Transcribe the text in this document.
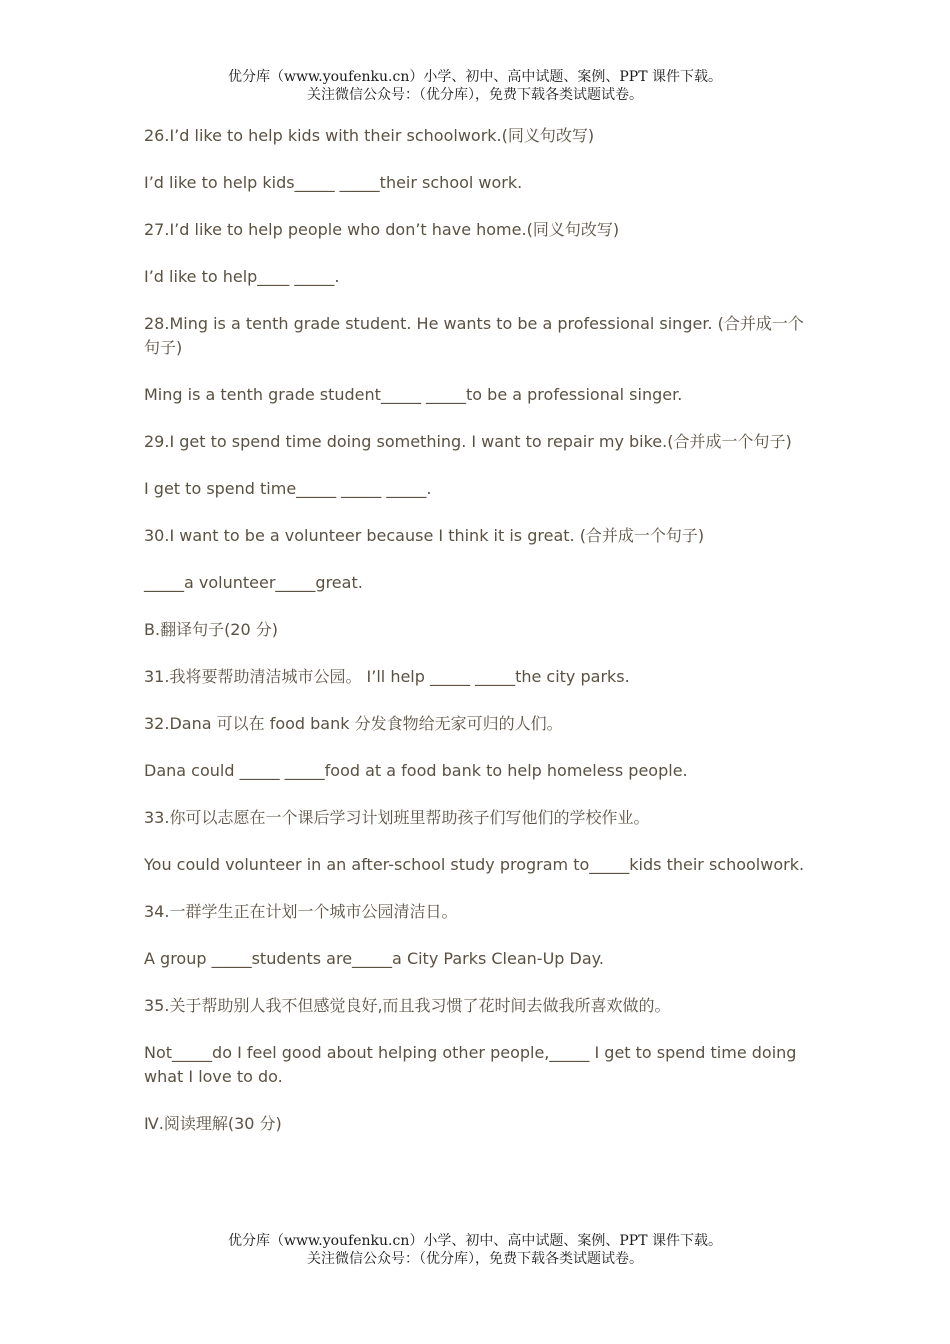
优分库（www.youfenku.cn）小学、初中、高中试题、案例、PPT 课件下载。
关注微信公众号：（优分库），免费下载各类试题试卷。

26.I’d like to help kids with their schoolwork.(同义句改写)

I’d like to help kids_____ _____their school work.

27.I’d like to help people who don’t have home.(同义句改写)

I’d like to help____ _____.

28.Ming is a tenth grade student. He wants to be a professional singer. (合并成一个句子)

Ming is a tenth grade student_____ _____to be a professional singer.

29.I get to spend time doing something. I want to repair my bike.(合并成一个句子)

I get to spend time_____ _____ _____.

30.I want to be a volunteer because I think it is great. (合并成一个句子)

_____a volunteer_____great.

B.翻译句子(20 分)

31.我将要帮助清洁城市公园。 I’ll help _____ _____the city parks.

32.Dana 可以在 food bank 分发食物给无家可归的人们。

Dana could _____ _____food at a food bank to help homeless people.

33.你可以志愿在一个课后学习计划班里帮助孩子们写他们的学校作业。

You could volunteer in an after-school study program to_____kids their schoolwork.

34.一群学生正在计划一个城市公园清洁日。

A group _____students are_____a City Parks Clean-Up Day.

35.关于帮助别人我不但感觉良好,而且我习惯了花时间去做我所喜欢做的。

Not_____do I feel good about helping other people,_____ I get to spend time doing what I love to do.

Ⅳ.阅读理解(30 分)

优分库（www.youfenku.cn）小学、初中、高中试题、案例、PPT 课件下载。
关注微信公众号：（优分库），免费下载各类试题试卷。
